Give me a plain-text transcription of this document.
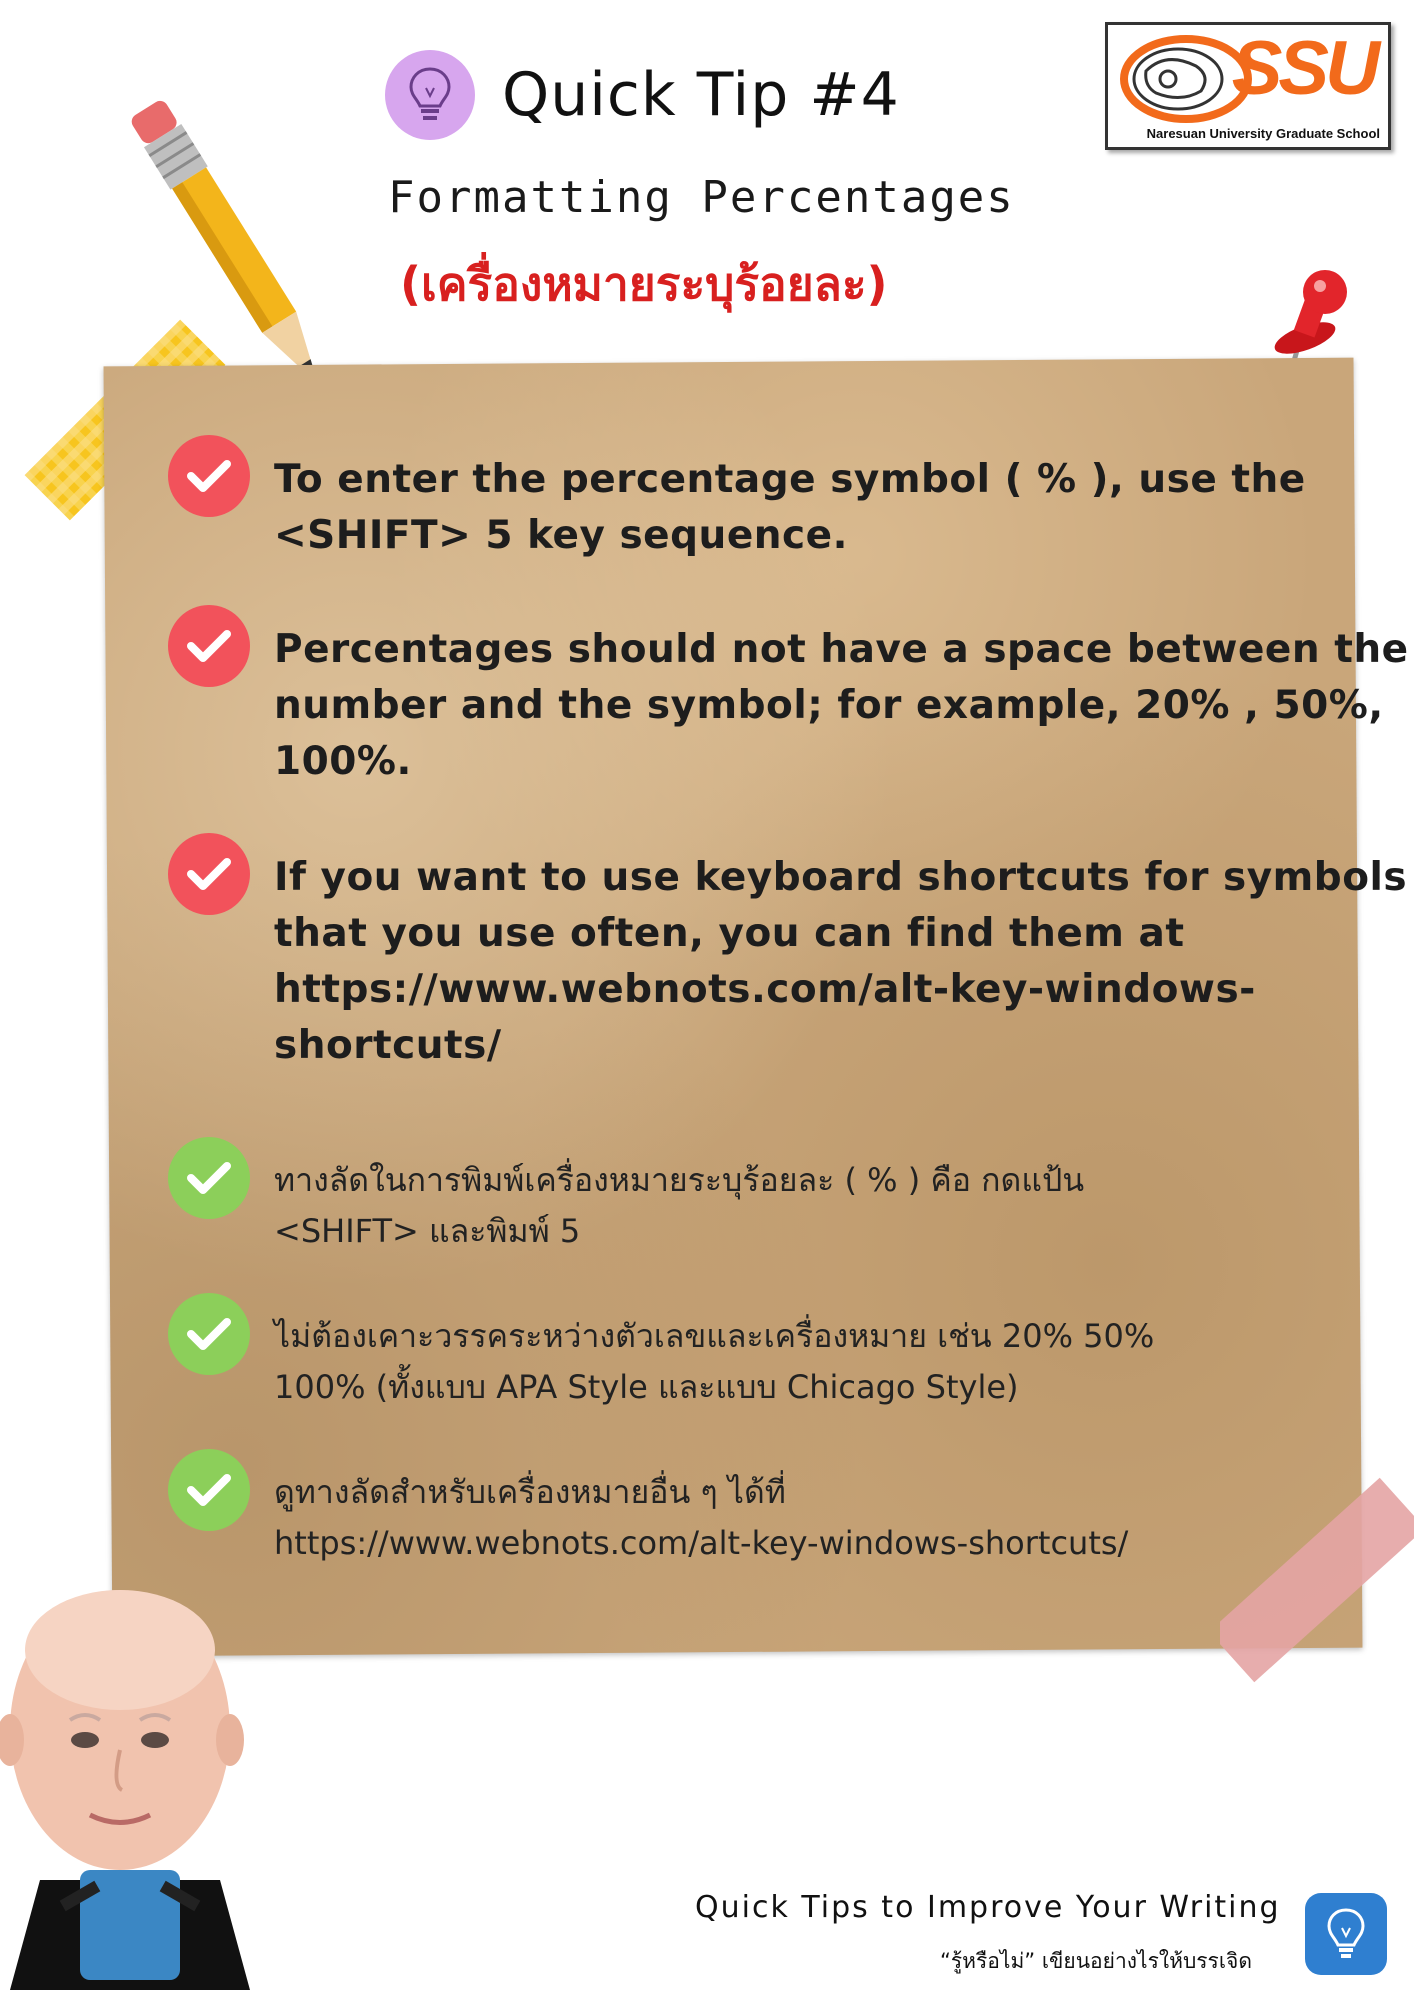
Quick Tip #4
Formatting Percentages
(เครื่องหมายระบุร้อยละ)
SSU
Naresuan University Graduate School
To enter the percentage symbol ( % ), use the
<SHIFT> 5 key sequence.
Percentages should not have a space between the
number and the symbol; for example, 20% , 50%,
100%.
If you want to use keyboard shortcuts for symbols
that you use often, you can find them at
https://www.webnots.com/alt-key-windows-
shortcuts/
ทางลัดในการพิมพ์เครื่องหมายระบุร้อยละ ( % ) คือ กดแป้น
<SHIFT> และพิมพ์ 5
ไม่ต้องเคาะวรรคระหว่างตัวเลขและเครื่องหมาย เช่น 20% 50%
100% (ทั้งแบบ APA Style และแบบ Chicago Style)
ดูทางลัดสำหรับเครื่องหมายอื่น ๆ ได้ที่
https://www.webnots.com/alt-key-windows-shortcuts/
Quick Tips to Improve Your Writing
“รู้หรือไม่” เขียนอย่างไรให้บรรเจิด
